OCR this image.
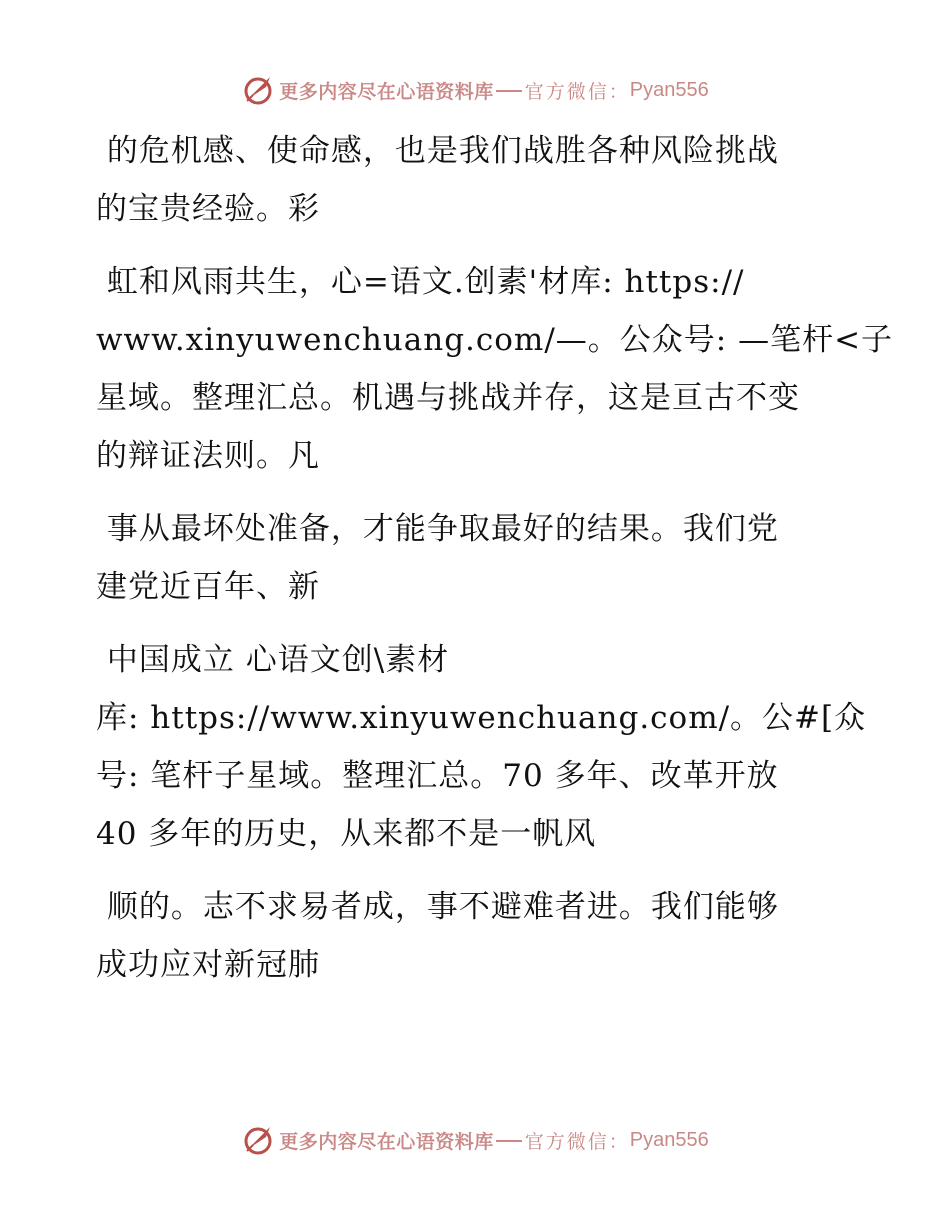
更多内容尽在心语资料库 官方微信： Pyan556
的危机感、使命感，也是我们战胜各种风险挑战
的宝贵经验。彩
虹和风雨共生，心=语文.创素'材库: https://
www.xinyuwenchuang.com/—。公众号: —笔杆<子
星域。整理汇总。机遇与挑战并存，这是亘古不变
的辩证法则。凡
事从最坏处准备，才能争取最好的结果。我们党
建党近百年、新
中国成立 心语文创\素材
库: https://www.xinyuwenchuang.com/。公#[众
号: 笔杆子星域。整理汇总。70 多年、改革开放
40 多年的历史，从来都不是一帆风
顺的。志不求易者成，事不避难者进。我们能够
成功应对新冠肺
更多内容尽在心语资料库 官方微信： Pyan556
